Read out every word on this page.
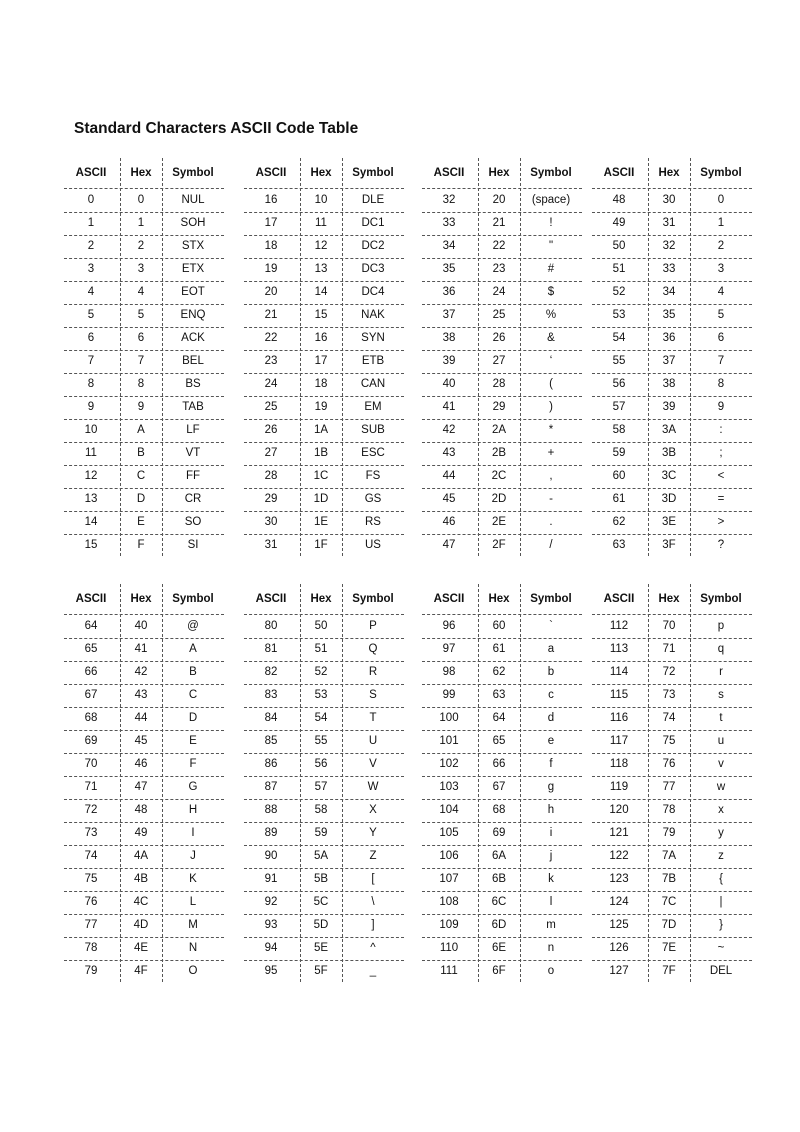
Standard Characters ASCII Code Table
ASCII	Hex	Symbol
0	0	NUL
1	1	SOH
2	2	STX
3	3	ETX
4	4	EOT
5	5	ENQ
6	6	ACK
7	7	BEL
8	8	BS
9	9	TAB
10	A	LF
11	B	VT
12	C	FF
13	D	CR
14	E	SO
15	F	SI
ASCII	Hex	Symbol
16	10	DLE
17	11	DC1
18	12	DC2
19	13	DC3
20	14	DC4
21	15	NAK
22	16	SYN
23	17	ETB
24	18	CAN
25	19	EM
26	1A	SUB
27	1B	ESC
28	1C	FS
29	1D	GS
30	1E	RS
31	1F	US
ASCII	Hex	Symbol
32	20	(space)
33	21	!
34	22	"
35	23	#
36	24	$
37	25	%
38	26	&
39	27	‘
40	28	(
41	29	)
42	2A	*
43	2B	+
44	2C	,
45	2D	-
46	2E	.
47	2F	/
ASCII	Hex	Symbol
48	30	0
49	31	1
50	32	2
51	33	3
52	34	4
53	35	5
54	36	6
55	37	7
56	38	8
57	39	9
58	3A	:
59	3B	;
60	3C	<
61	3D	=
62	3E	>
63	3F	?
ASCII	Hex	Symbol
64	40	@
65	41	A
66	42	B
67	43	C
68	44	D
69	45	E
70	46	F
71	47	G
72	48	H
73	49	I
74	4A	J
75	4B	K
76	4C	L
77	4D	M
78	4E	N
79	4F	O
ASCII	Hex	Symbol
80	50	P
81	51	Q
82	52	R
83	53	S
84	54	T
85	55	U
86	56	V
87	57	W
88	58	X
89	59	Y
90	5A	Z
91	5B	[
92	5C	\
93	5D	]
94	5E	^
95	5F	_
ASCII	Hex	Symbol
96	60	`
97	61	a
98	62	b
99	63	c
100	64	d
101	65	e
102	66	f
103	67	g
104	68	h
105	69	i
106	6A	j
107	6B	k
108	6C	l
109	6D	m
110	6E	n
111	6F	o
ASCII	Hex	Symbol
112	70	p
113	71	q
114	72	r
115	73	s
116	74	t
117	75	u
118	76	v
119	77	w
120	78	x
121	79	y
122	7A	z
123	7B	{
124	7C	|
125	7D	}
126	7E	~
127	7F	DEL
